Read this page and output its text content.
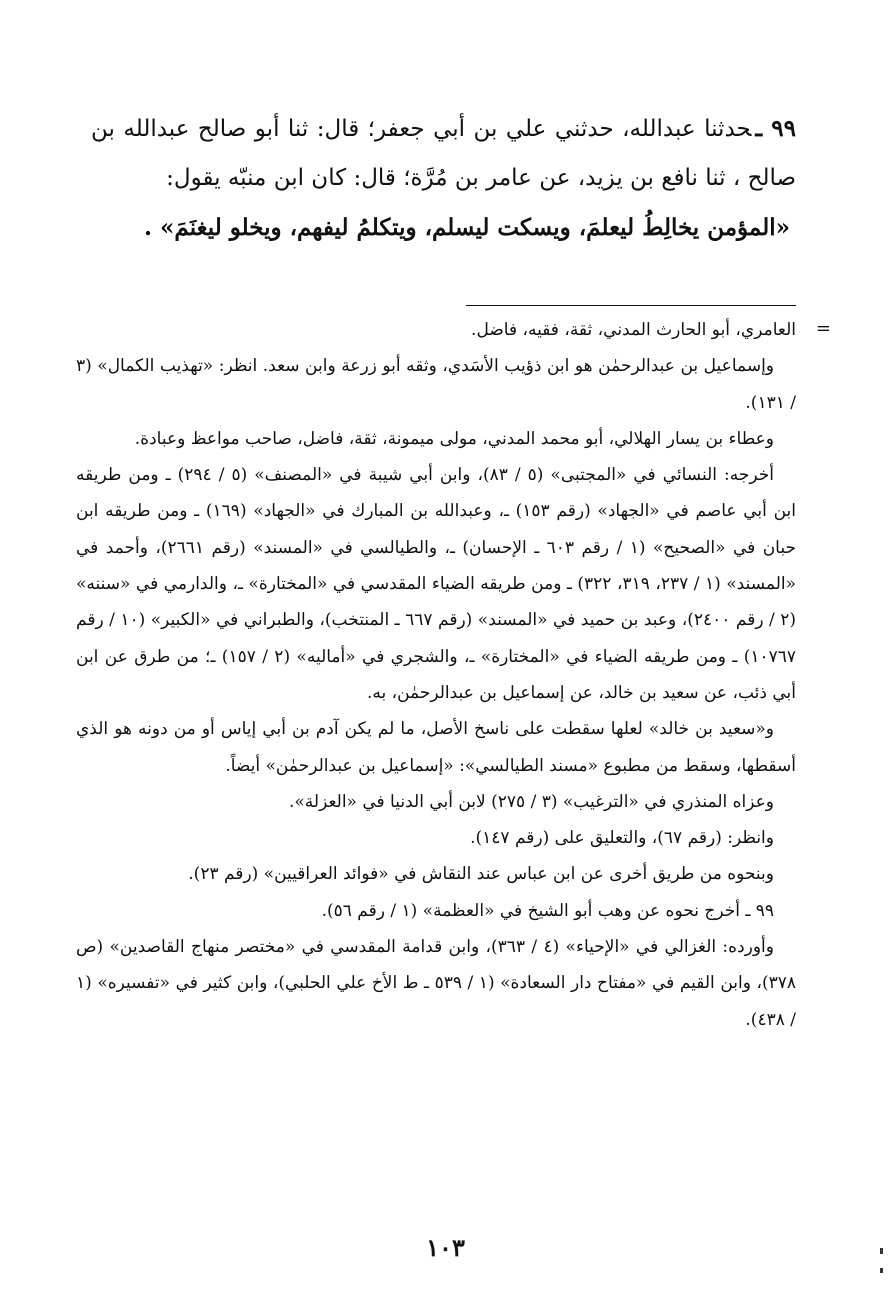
٩٩ ـحدثنا عبدالله، حدثني علي بن أبي جعفر؛ قال: ثنا أبو صالح عبدالله بن صالح ، ثنا نافع بن يزيد، عن عامر بن مُرَّة؛ قال: كان ابن منبّه يقول:

«المؤمن يخالِطُ ليعلمَ، ويسكت ليسلم، ويتكلمُ ليفهم، ويخلو ليغنَمَ» .

=

العامري، أبو الحارث المدني، ثقة، فقيه، فاضل.

وإسماعيل بن عبدالرحمٰن هو ابن ذؤيب الأسَدي، وثقه أبو زرعة وابن سعد. انظر: «تهذيب الكمال» (٣ / ١٣١).

وعطاء بن يسار الهلالي، أبو محمد المدني، مولى ميمونة، ثقة، فاضل، صاحب مواعظ وعبادة.

أخرجه: النسائي في «المجتبى» (٥ / ٨٣)، وابن أبي شيبة في «المصنف» (٥ / ٢٩٤) ـ ومن طريقه ابن أبي عاصم في «الجهاد» (رقم ١٥٣) ـ، وعبدالله بن المبارك في «الجهاد» (١٦٩) ـ ومن طريقه ابن حبان في «الصحيح» (١ / رقم ٦٠٣ ـ الإحسان) ـ، والطيالسي في «المسند» (رقم ٢٦٦١)، وأحمد في «المسند» (١ / ٢٣٧، ٣١٩، ٣٢٢) ـ ومن طريقه الضياء المقدسي في «المختارة» ـ، والدارمي في «سننه» (٢ / رقم ٢٤٠٠)، وعبد بن حميد في «المسند» (رقم ٦٦٧ ـ المنتخب)، والطبراني في «الكبير» (١٠ / رقم ١٠٧٦٧) ـ ومن طريقه الضياء في «المختارة» ـ، والشجري في «أماليه» (٢ / ١٥٧) ـ؛ من طرق عن ابن أبي ذئب، عن سعيد بن خالد، عن إسماعيل بن عبدالرحمٰن، به.

و«سعيد بن خالد» لعلها سقطت على ناسخ الأصل، ما لم يكن آدم بن أبي إياس أو من دونه هو الذي أسقطها، وسقط من مطبوع «مسند الطيالسي»: «إسماعيل بن عبدالرحمٰن» أيضاً.

وعزاه المنذري في «الترغيب» (٣ / ٢٧٥) لابن أبي الدنيا في «العزلة».

وانظر: (رقم ٦٧)، والتعليق على (رقم ١٤٧).

وبنحوه من طريق أخرى عن ابن عباس عند النقاش في «فوائد العراقيين» (رقم ٢٣).

٩٩ ـ أخرج نحوه عن وهب أبو الشيخ في «العظمة» (١ / رقم ٥٦).

وأورده: الغزالي في «الإحياء» (٤ / ٣٦٣)، وابن قدامة المقدسي في «مختصر منهاج القاصدين» (ص ٣٧٨)، وابن القيم في «مفتاح دار السعادة» (١ / ٥٣٩ ـ ط الأخ علي الحلبي)، وابن كثير في «تفسيره» (١ / ٤٣٨).

١٠٣
